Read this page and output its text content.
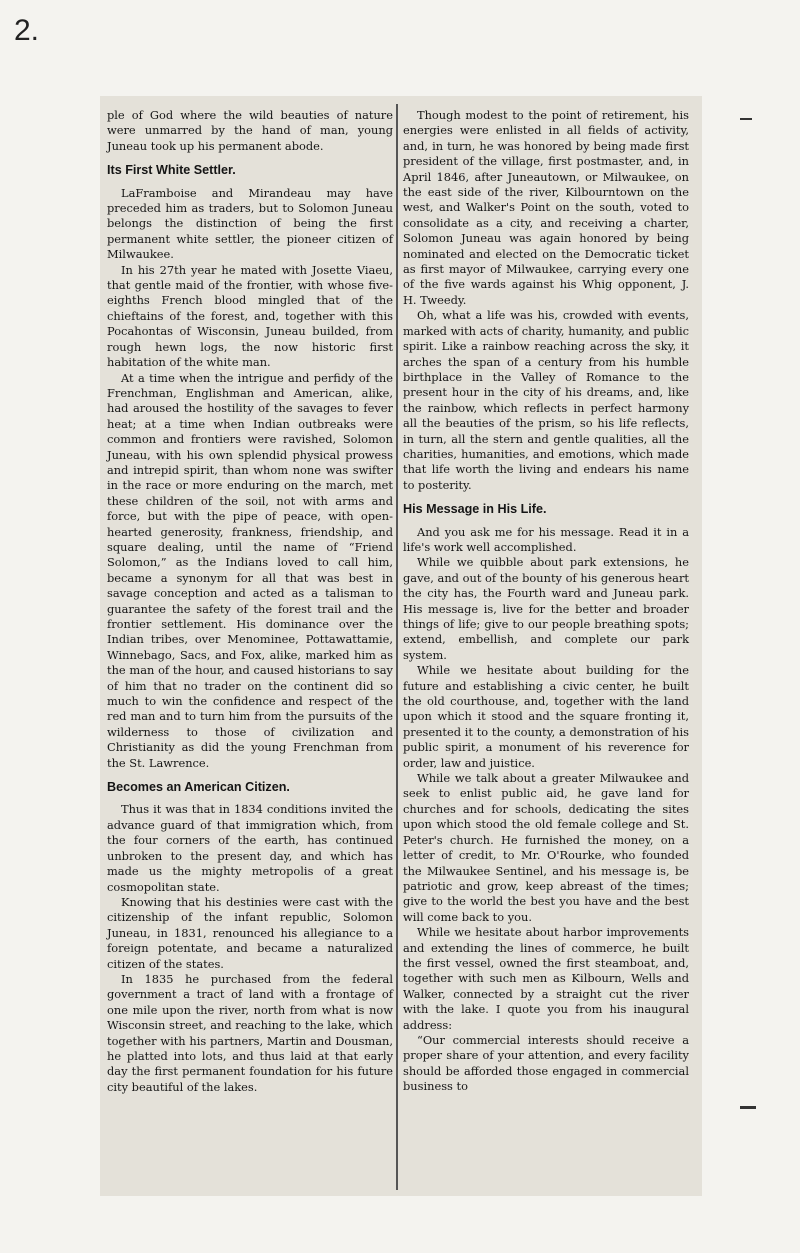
2.

ple of God where the wild beauties of nature were unmarred by the hand of man, young Juneau took up his permanent abode.

Its First White Settler.

LaFramboise and Mirandeau may have preceded him as traders, but to Solomon Juneau belongs the distinction of being the first permanent white settler, the pioneer citizen of Milwaukee.

In his 27th year he mated with Josette Viaeu, that gentle maid of the frontier, with whose five-eighths French blood mingled that of the chieftains of the forest, and, together with this Pocahontas of Wisconsin, Juneau builded, from rough hewn logs, the now historic first habitation of the white man.

At a time when the intrigue and perfidy of the Frenchman, Englishman and American, alike, had aroused the hostility of the savages to fever heat; at a time when Indian outbreaks were common and frontiers were ravished, Solomon Juneau, with his own splendid physical prowess and intrepid spirit, than whom none was swifter in the race or more enduring on the march, met these children of the soil, not with arms and force, but with the pipe of peace, with open-hearted generosity, frankness, friendship, and square dealing, until the name of “Friend Solomon,” as the Indians loved to call him, became a synonym for all that was best in savage conception and acted as a talisman to guarantee the safety of the forest trail and the frontier settlement. His dominance over the Indian tribes, over Menominee, Pottawattamie, Winnebago, Sacs, and Fox, alike, marked him as the man of the hour, and caused historians to say of him that no trader on the continent did so much to win the confidence and respect of the red man and to turn him from the pursuits of the wilderness to those of civilization and Christianity as did the young Frenchman from the St. Lawrence.

Becomes an American Citizen.

Thus it was that in 1834 conditions invited the advance guard of that immigration which, from the four corners of the earth, has continued unbroken to the present day, and which has made us the mighty metropolis of a great cosmopolitan state.

Knowing that his destinies were cast with the citizenship of the infant republic, Solomon Juneau, in 1831, renounced his allegiance to a foreign potentate, and became a naturalized citizen of the states.

In 1835 he purchased from the federal government a tract of land with a frontage of one mile upon the river, north from what is now Wisconsin street, and reaching to the lake, which together with his partners, Martin and Dousman, he platted into lots, and thus laid at that early day the first permanent foundation for his future city beautiful of the lakes.

Though modest to the point of retirement, his energies were enlisted in all fields of activity, and, in turn, he was honored by being made first president of the village, first postmaster, and, in April 1846, after Juneautown, or Milwaukee, on the east side of the river, Kilbourntown on the west, and Walker's Point on the south, voted to consolidate as a city, and receiving a charter, Solomon Juneau was again honored by being nominated and elected on the Democratic ticket as first mayor of Milwaukee, carrying every one of the five wards against his Whig opponent, J. H. Tweedy.

Oh, what a life was his, crowded with events, marked with acts of charity, humanity, and public spirit. Like a rainbow reaching across the sky, it arches the span of a century from his humble birthplace in the Valley of Romance to the present hour in the city of his dreams, and, like the rainbow, which reflects in perfect harmony all the beauties of the prism, so his life reflects, in turn, all the stern and gentle qualities, all the charities, humanities, and emotions, which made that life worth the living and endears his name to posterity.

His Message in His Life.

And you ask me for his message. Read it in a life's work well accomplished.

While we quibble about park extensions, he gave, and out of the bounty of his generous heart the city has, the Fourth ward and Juneau park. His message is, live for the better and broader things of life; give to our people breathing spots; extend, embellish, and complete our park system.

While we hesitate about building for the future and establishing a civic center, he built the old courthouse, and, together with the land upon which it stood and the square fronting it, presented it to the county, a demonstration of his public spirit, a monument of his reverence for order, law and juistice.

While we talk about a greater Milwaukee and seek to enlist public aid, he gave land for churches and for schools, dedicating the sites upon which stood the old female college and St. Peter's church. He furnished the money, on a letter of credit, to Mr. O'Rourke, who founded the Milwaukee Sentinel, and his message is, be patriotic and grow, keep abreast of the times; give to the world the best you have and the best will come back to you.

While we hesitate about harbor improvements and extending the lines of commerce, he built the first vessel, owned the first steamboat, and, together with such men as Kilbourn, Wells and Walker, connected by a straight cut the river with the lake. I quote you from his inaugural address:

“Our commercial interests should receive a proper share of your attention, and every facility should be afforded those engaged in commercial business to
